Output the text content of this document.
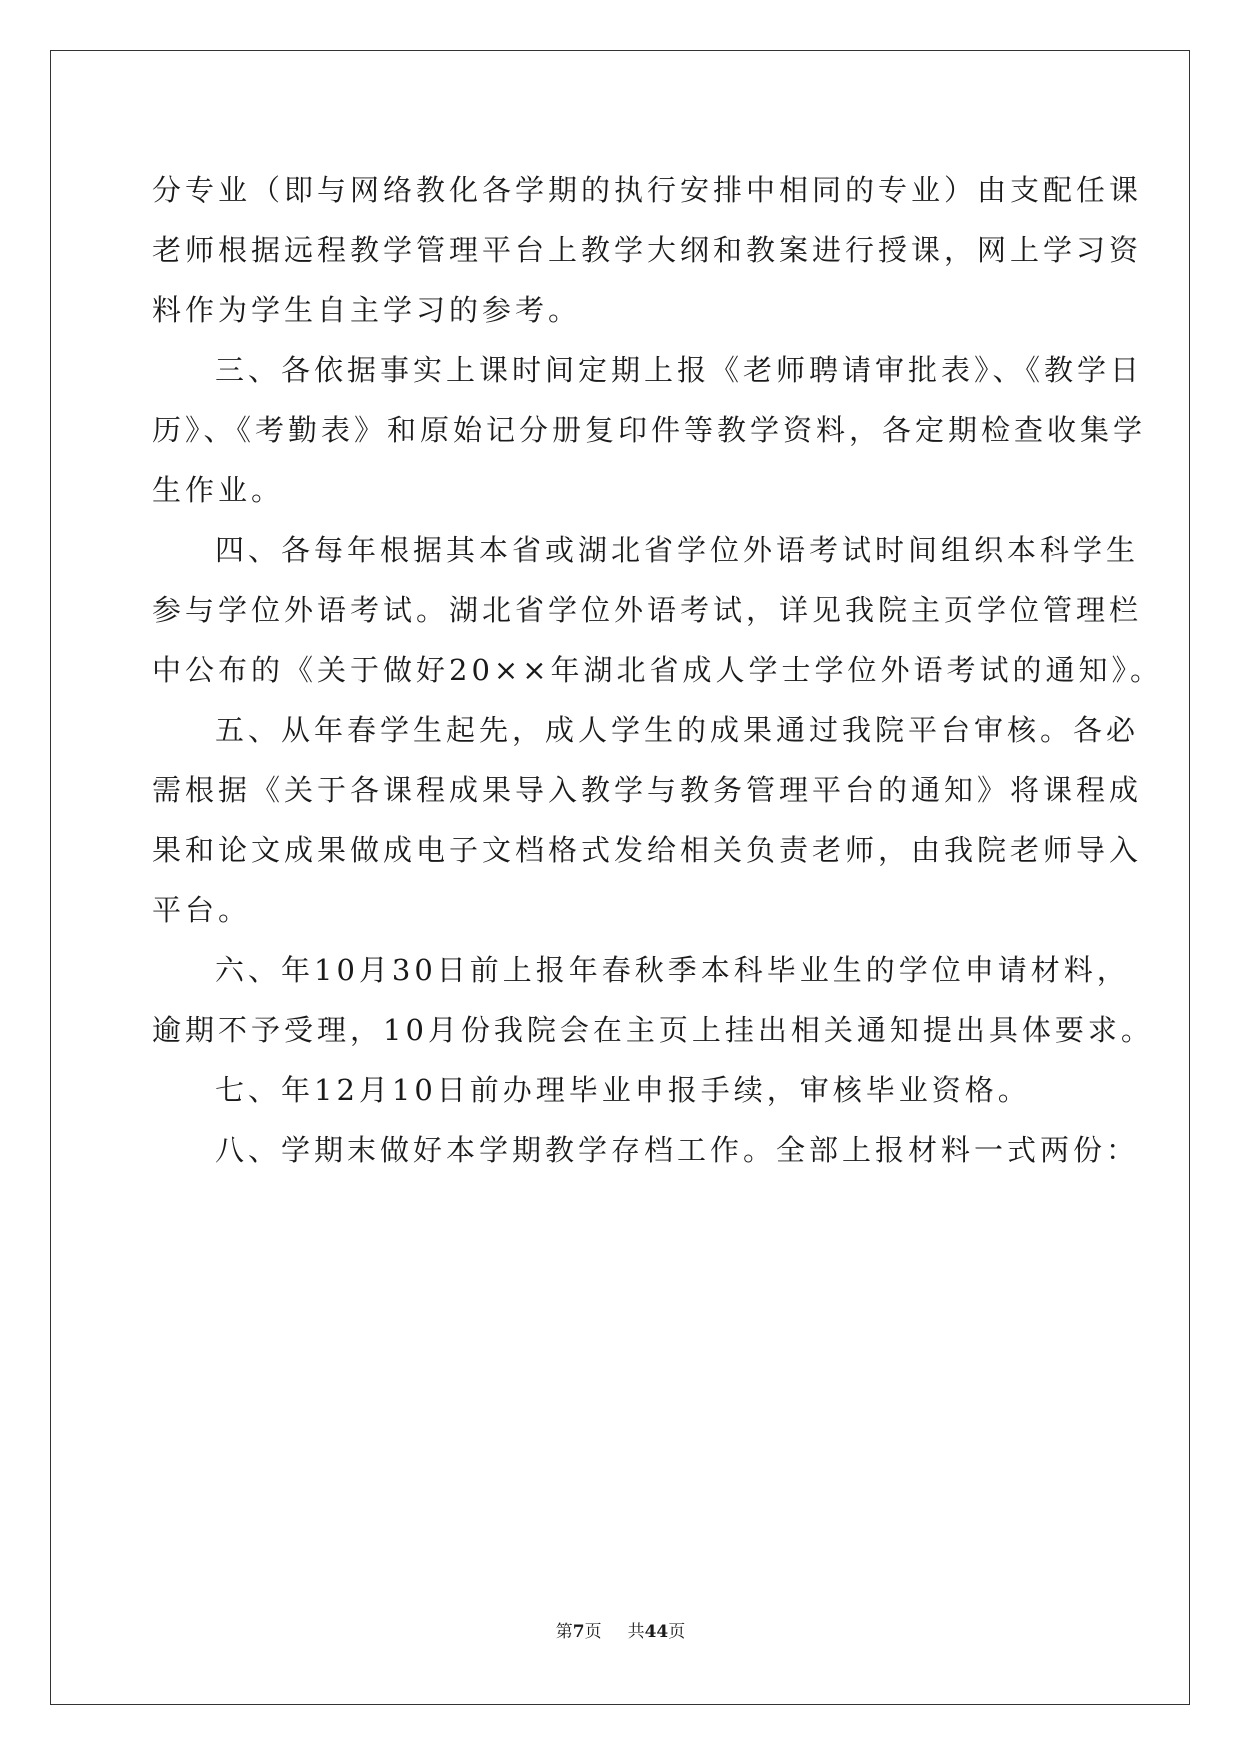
分专业（即与网络教化各学期的执行安排中相同的专业）由支配任课

老师根据远程教学管理平台上教学大纲和教案进行授课，网上学习资

料作为学生自主学习的参考。

三、各依据事实上课时间定期上报《老师聘请审批表》、《教学日

历》、《考勤表》和原始记分册复印件等教学资料，各定期检查收集学

生作业。

四、各每年根据其本省或湖北省学位外语考试时间组织本科学生

参与学位外语考试。湖北省学位外语考试，详见我院主页学位管理栏

中公布的《关于做好20××年湖北省成人学士学位外语考试的通知》。

五、从年春学生起先，成人学生的成果通过我院平台审核。各必

需根据《关于各课程成果导入教学与教务管理平台的通知》将课程成

果和论文成果做成电子文档格式发给相关负责老师，由我院老师导入

平台。

六、年10月30日前上报年春秋季本科毕业生的学位申请材料，

逾期不予受理，10月份我院会在主页上挂出相关通知提出具体要求。

七、年12月10日前办理毕业申报手续，审核毕业资格。

八、学期末做好本学期教学存档工作。全部上报材料一式两份：

第7页 共44页
